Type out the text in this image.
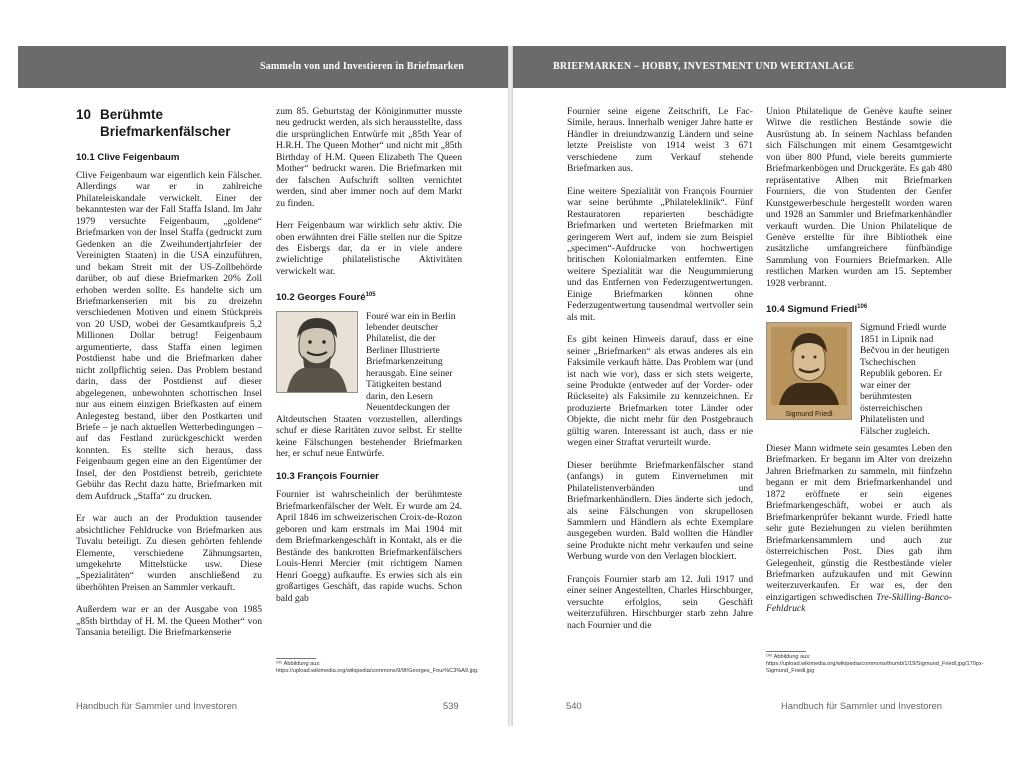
Sammeln von und Investieren in Briefmarken
10 Berühmte Briefmarkenfälscher
10.1 Clive Feigenbaum

Clive Feigenbaum war eigentlich kein Fälscher. Allerdings war er in zahlreiche Philateleiskandale verwickelt. Einer der bekanntesten war der Fall Staffa Island. Im Jahr 1979 versuchte Feigenbaum, „goldene“ Briefmarken von der Insel Staffa (gedruckt zum Gedenken an die Zweihundertjahrfeier der Vereinigten Staaten) in die USA einzuführen, und bekam Streit mit der US-Zollbehörde darüber, ob auf diese Briefmarken 20% Zoll erhoben werden sollte. Es handelte sich um Briefmarkenserien mit bis zu dreizehn verschiedenen Motiven und einem Stückpreis von 20 USD, wobei der Gesamtkaufpreis 5,2 Millionen Dollar betrug! Feigenbaum argumentierte, dass Staffa einen legimen Postdienst habe und die Briefmarken daher nicht zollpflichtig seien. Das Problem bestand darin, dass der Postdienst auf dieser abgelegenen, unbewohnten schottischen Insel nur aus einem einzigen Briefkasten auf einem Anlegesteg bestand, über den Postkarten und Briefe – je nach aktuellen Wetterbedingungen – auf das Festland zurückgeschickt werden konnten. Es stellte sich heraus, dass Feigenbaum gegen eine an den Eigentümer der Insel, der den Postdienst betreib, gerichtete Gebühr das Recht dazu hatte, Briefmarken mit dem Aufdruck „Staffa“ zu drucken.

Er war auch an der Produktion tausender absichtlicher Fehldrucke von Briefmarken aus Tuvalu beteiligt. Zu diesen gehörten fehlende Elemente, verschiedene Zähnungsarten, umgekehrte Mittelstücke usw. Diese „Spezialitäten“ wurden anschließend zu überhöhten Preisen an Sammler verkauft.

Außerdem war er an der Ausgabe von 1985 „85th birthday of H. M. the Queen Mother“ von Tansania beteiligt. Die Briefmarkenserie

zum 85. Geburtstag der Königinmutter musste neu gedruckt werden, als sich herausstellte, dass die ursprünglichen Entwürfe mit „85th Year of H.R.H. The Queen Mother“ und nicht mit „85th Birthday of H.M. Queen Elizabeth The Queen Mother“ bedruckt waren. Die Briefmarken mit der falschen Aufschrift sollten vernichtet werden, sind aber immer noch auf dem Markt zu finden.

Herr Feigenbaum war wirklich sehr aktiv. Die oben erwähnten drei Fälle stellen nur die Spitze des Eisbergs dar, da er in viele andere zwielichtige philatelistische Aktivitäten verwickelt war.

10.2 Georges Fouré$^{105}$
Fouré war ein in Berlin lebender deutscher Philatelist, die der Berliner Illustrierte Briefmarkenzeitung herausgab. Eine seiner Tätigkeiten bestand darin, den Lesern Neuentdeckungen der

Altdeutschen Staaten vorzustellen, allerdings schuf er diese Raritäten zuvor selbst. Er stellte keine Fälschungen bestehender Briefmarken her, er schuf neue Entwürfe.

10.3 François Fournier

Fournier ist wahrscheinlich der berühmteste Briefmarkenfälscher der Welt. Er wurde am 24. April 1846 im schweizerischen Croix-de-Rozon geboren und kam erstmals im Mai 1904 mit dem Briefmarkengeschäft in Kontakt, als er die Bestände des bankrotten Briefmarkenfälschers Louis-Henri Mercier (mit richtigem Namen Henri Goegg) aufkaufte. Es erwies sich als ein großartiges Geschäft, das rapide wuchs. Schon bald gab

¹⁰⁵ Abbildung aus: https://upload.wikimedia.org/wikipedia/commons/9/9f/Georges_Four%C3%A9.jpg.
Handbuch für Sammler und Investoren	539
BRIEFMARKEN – HOBBY, INVESTMENT UND WERTANLAGE

Fournier seine eigene Zeitschrift, Le Fac-Simile, heraus. Innerhalb weniger Jahre hatte er Händler in dreiundzwanzig Ländern und seine letzte Preisliste von 1914 weist 3 671 verschiedene zum Verkauf stehende Briefmarken aus.

Eine weitere Spezialität von François Fournier war seine berühmte „Philateleklinik“. Fünf Restauratoren reparierten beschädigte Briefmarken und werteten Briefmarken mit geringerem Wert auf, indem sie zum Beispiel „specimen“-Aufdrucke von hochwertigen britischen Kolonialmarken entfernten. Eine weitere Spezialität war die Neugummierung und das Entfernen von Federzugentwertungen. Einige Briefmarken können ohne Federzugentwertung tausendmal wertvoller sein als mit.

Es gibt keinen Hinweis darauf, dass er eine seiner „Briefmarken“ als etwas anderes als ein Faksimile verkauft hätte. Das Problem war (und ist nach wie vor), dass er sich stets weigerte, seine Produkte (entweder auf der Vorder- oder Rückseite) als Faksimile zu kennzeichnen. Er produzierte Briefmarken toter Länder oder Objekte, die nicht mehr für den Postgebrauch gültig waren. Interessant ist auch, dass er nie wegen einer Straftat verurteilt wurde.

Dieser berühmte Briefmarkenfälscher stand (anfangs) in gutem Einvernehmen mit Philatelistenverbänden und Briefmarkenhändlern. Dies änderte sich jedoch, als seine Fälschungen von skrupellosen Sammlern und Händlern als echte Exemplare ausgegeben wurden. Bald wollten die Händler seine Produkte nicht mehr verkaufen und seine Werbung wurde von den Verlagen blockiert.

François Fournier starb am 12. Juli 1917 und einer seiner Angestellten, Charles Hirschburger, versuchte erfolglos, sein Geschäft weiterzuführen. Hirschburger starb zehn Jahre nach Fournier und die

Union Philatelique de Genève kaufte seiner Witwe die restlichen Bestände sowie die Ausrüstung ab. In seinem Nachlass befanden sich Fälschungen mit einem Gesamtgewicht von über 800 Pfund, viele bereits gummierte Briefmarkenbögen und Druckgeräte. Es gab 480 repräsentative Alben mit Briefmarken Fourniers, die von Studenten der Genfer Kunstgewerbeschule hergestellt worden waren und 1928 an Sammler und Briefmarkenhändler verkauft wurden. Die Union Philatelique de Genève erstellte für ihre Bibliothek eine zusätzliche umfangreichere fünfbändige Sammlung von Fourniers Briefmarken. Alle restlichen Marken wurden am 15. September 1928 verbrannt.

10.4 Sigmund Friedl$^{106}$
Sigmund Friedl
Sigmund Friedl wurde 1851 in Lipnik nad Bečvou in der heutigen Tschechischen Republik geboren. Er war einer der berühmtesten österreichischen Philatelisten und Fälscher zugleich.

Dieser Mann widmete sein gesamtes Leben den Briefmarken. Er begann im Alter von dreizehn Jahren Briefmarken zu sammeln, mit fünfzehn begann er mit dem Briefmarkenhandel und 1872 eröffnete er sein eigenes Briefmarkengeschäft, wobei er auch als Briefmarkenprüfer bekannt wurde. Friedl hatte sehr gute Beziehungen zu vielen berühmten Briefmarkensammlern und auch zur österreichischen Post. Dies gab ihm Gelegenheit, günstig die Restbestände vieler Briefmarken aufzukaufen und mit Gewinn weiterzuverkaufen. Er war es, der den einzigartigen schwedischen Tre-Skilling-Banco-Fehldruck

¹⁰⁶ Abbildung aus: https://upload.wikimedia.org/wikipedia/commons/thumb/1/19/Sigmund_Friedl.jpg/170px-Sigmund_Friedl.jpg
540	Handbuch für Sammler und Investoren
